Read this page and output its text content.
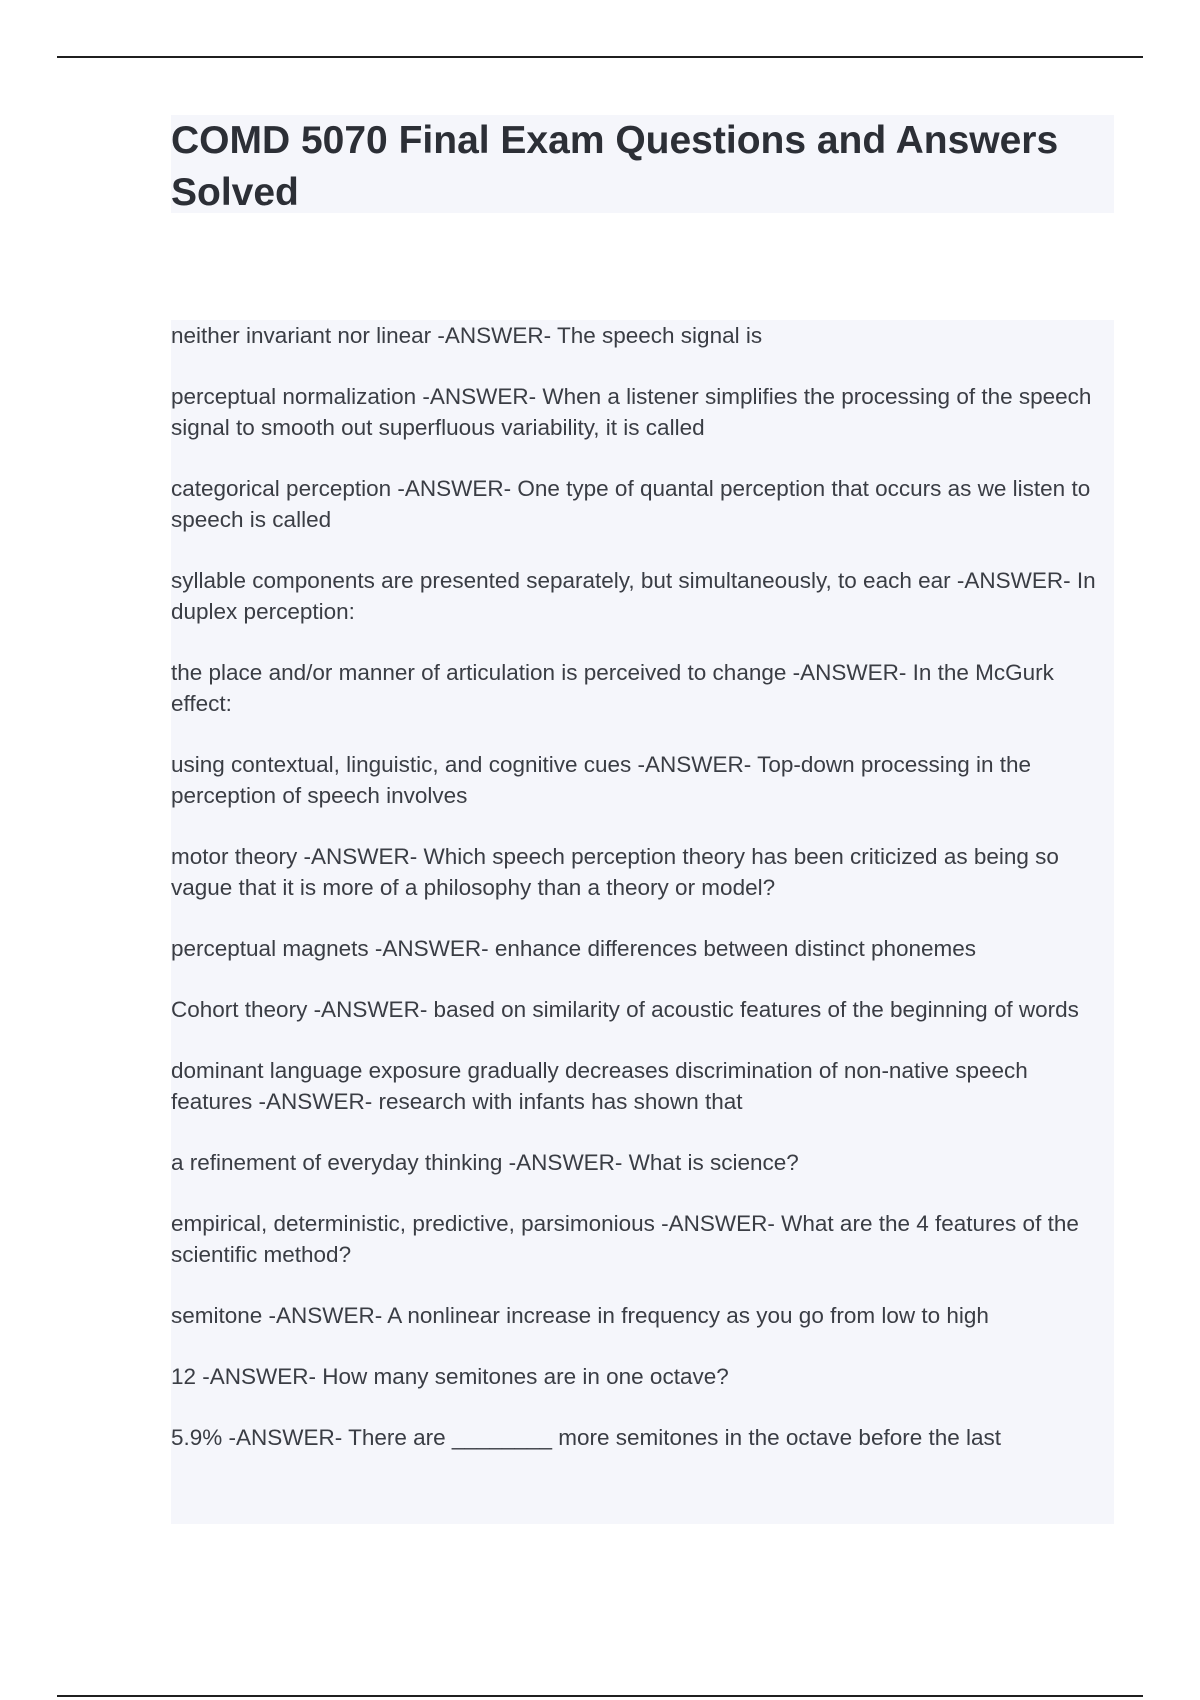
COMD 5070 Final Exam Questions and Answers Solved
neither invariant nor linear -ANSWER- The speech signal is
perceptual normalization -ANSWER- When a listener simplifies the processing of the speech signal to smooth out superfluous variability, it is called
categorical perception -ANSWER- One type of quantal perception that occurs as we listen to speech is called
syllable components are presented separately, but simultaneously, to each ear -ANSWER- In duplex perception:
the place and/or manner of articulation is perceived to change -ANSWER- In the McGurk effect:
using contextual, linguistic, and cognitive cues -ANSWER- Top-down processing in the perception of speech involves
motor theory -ANSWER- Which speech perception theory has been criticized as being so vague that it is more of a philosophy than a theory or model?
perceptual magnets -ANSWER- enhance differences between distinct phonemes
Cohort theory -ANSWER- based on similarity of acoustic features of the beginning of words
dominant language exposure gradually decreases discrimination of non-native speech features -ANSWER- research with infants has shown that
a refinement of everyday thinking -ANSWER- What is science?
empirical, deterministic, predictive, parsimonious -ANSWER- What are the 4 features of the scientific method?
semitone -ANSWER- A nonlinear increase in frequency as you go from low to high
12 -ANSWER- How many semitones are in one octave?
5.9% -ANSWER- There are ________ more semitones in the octave before the last
